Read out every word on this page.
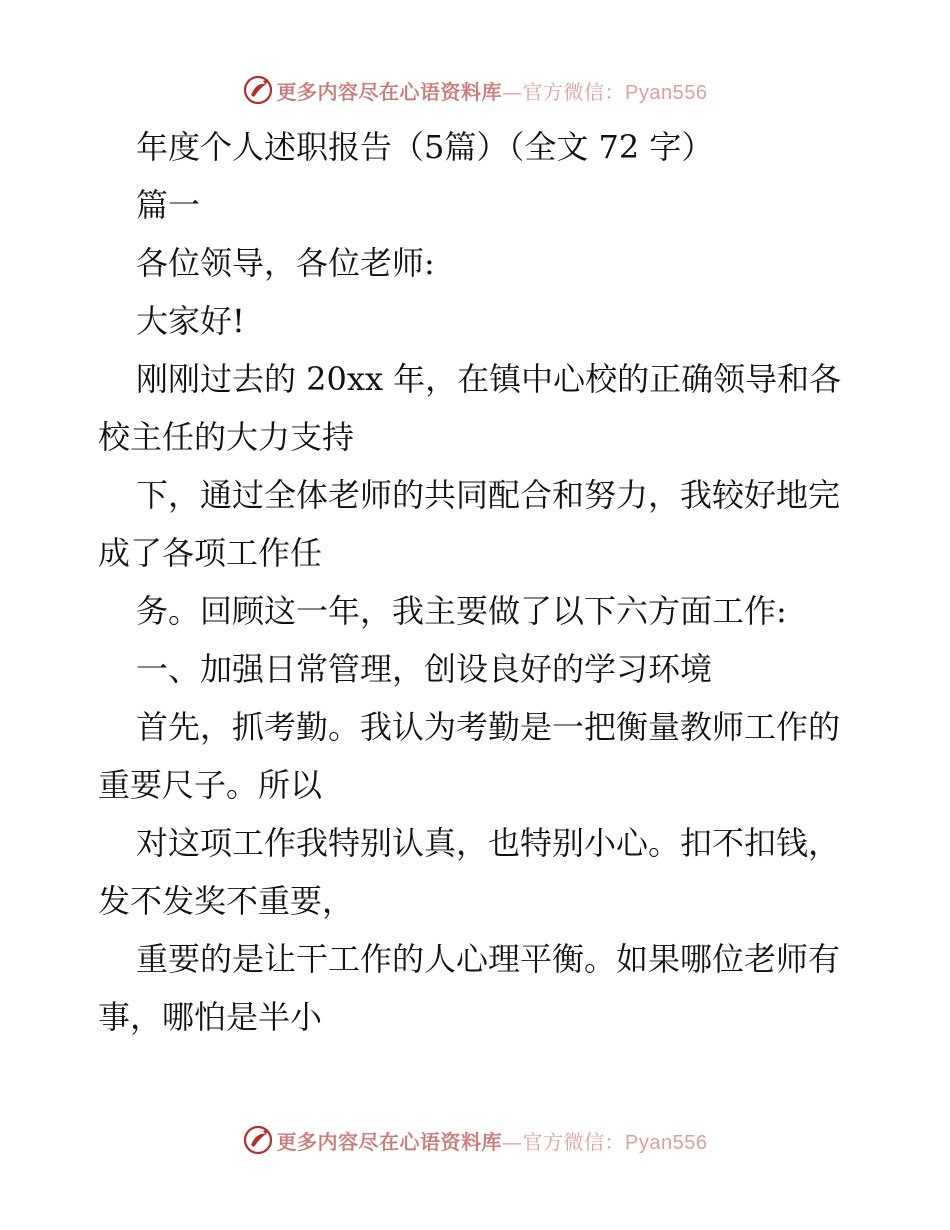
更多内容尽在心语资料库—官方微信：Pyan556

年度个人述职报告（5篇）（全文 72 字）

篇一

各位领导，各位老师:

大家好!

刚刚过去的 20xx 年，在镇中心校的正确领导和各校主任的大力支持

下，通过全体老师的共同配合和努力，我较好地完成了各项工作任

务。回顾这一年，我主要做了以下六方面工作:

一、加强日常管理，创设良好的学习环境

首先，抓考勤。我认为考勤是一把衡量教师工作的重要尺子。所以

对这项工作我特别认真，也特别小心。扣不扣钱，发不发奖不重要，

重要的是让干工作的人心理平衡。如果哪位老师有事，哪怕是半小

更多内容尽在心语资料库—官方微信：Pyan556
